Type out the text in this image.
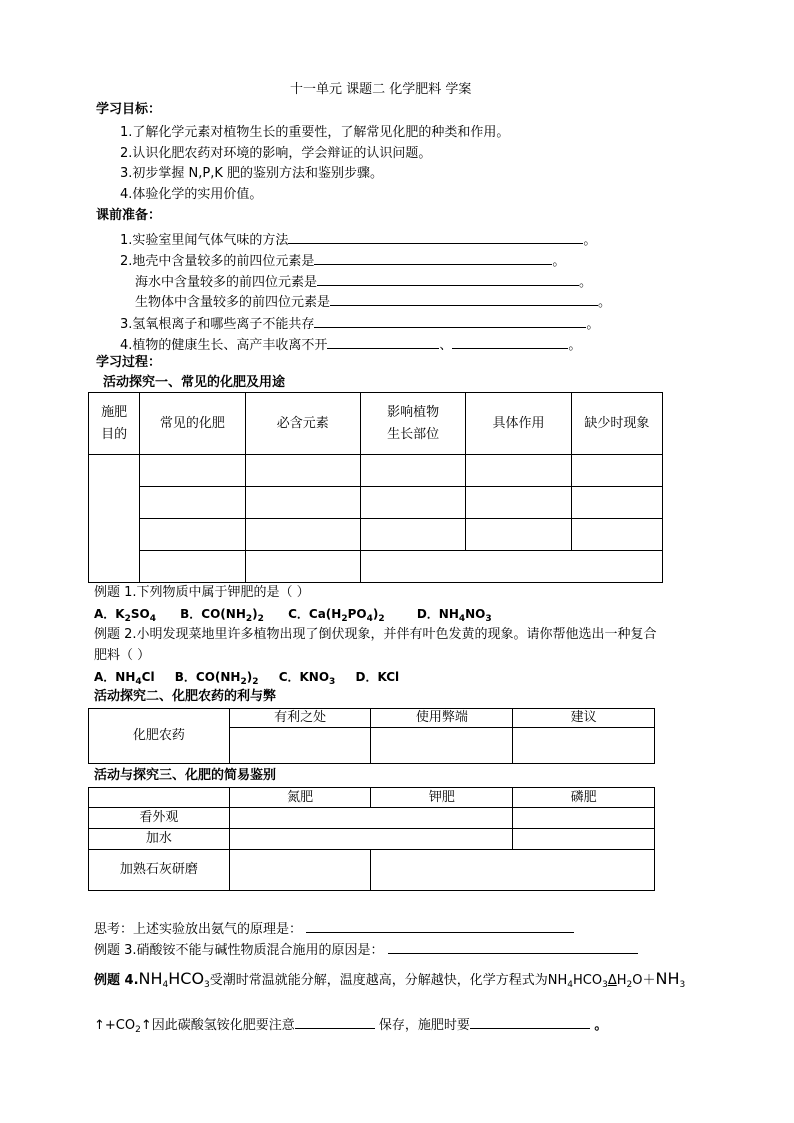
十一单元 课题二 化学肥料 学案
学习目标：
1.了解化学元素对植物生长的重要性，了解常见化肥的种类和作用。
2.认识化肥农药对环境的影响，学会辩证的认识问题。
3.初步掌握 N,P,K 肥的鉴别方法和鉴别步骤。
4.体验化学的实用价值。
课前准备：
1.实验室里闻气体气味的方法	。
2.地壳中含量较多的前四位元素是	。
海水中含量较多的前四位元素是	。
生物体中含量较多的前四位元素是	。
3.氢氧根离子和哪些离子不能共存	。
4.植物的健康生长、高产丰收离不开	、	。
学习过程：
活动探究一、常见的化肥及用途
施肥目的	常见的化肥	必含元素	影响植物生长部位	具体作用	缺少时现象

例题 1.下列物质中属于钾肥的是（ ）
A．$K_2SO_4$ B．$CO(NH_2)_2$ C．$Ca(H_2PO_4)_2$	D．$NH_4NO_3$
例题 2.小明发现菜地里许多植物出现了倒伏现象，并伴有叶色发黄的现象。请你帮他选出一种复合
肥料（ ）
A．$NH_4Cl$ B．$CO(NH_2)_2$ C．$KNO_3$ D．KCl
活动探究二、化肥农药的利与弊
化肥农药	有利之处	使用弊端	建议

活动与探究三、化肥的简易鉴别
	氮肥	钾肥	磷肥
看外观			
加水			
加熟石灰研磨			
思考：上述实验放出氨气的原理是：
例题 3.硝酸铵不能与碱性物质混合施用的原因是：
例题 $4.NH_4HCO_3$受潮时常温就能分解，温度越高，分解越快，化学方程式为$NH_4HCO_3\Delta H_2O+NH_3$
$↑+CO_2↑$因此碳酸氢铵化肥要注意	保存，施肥时要	。
